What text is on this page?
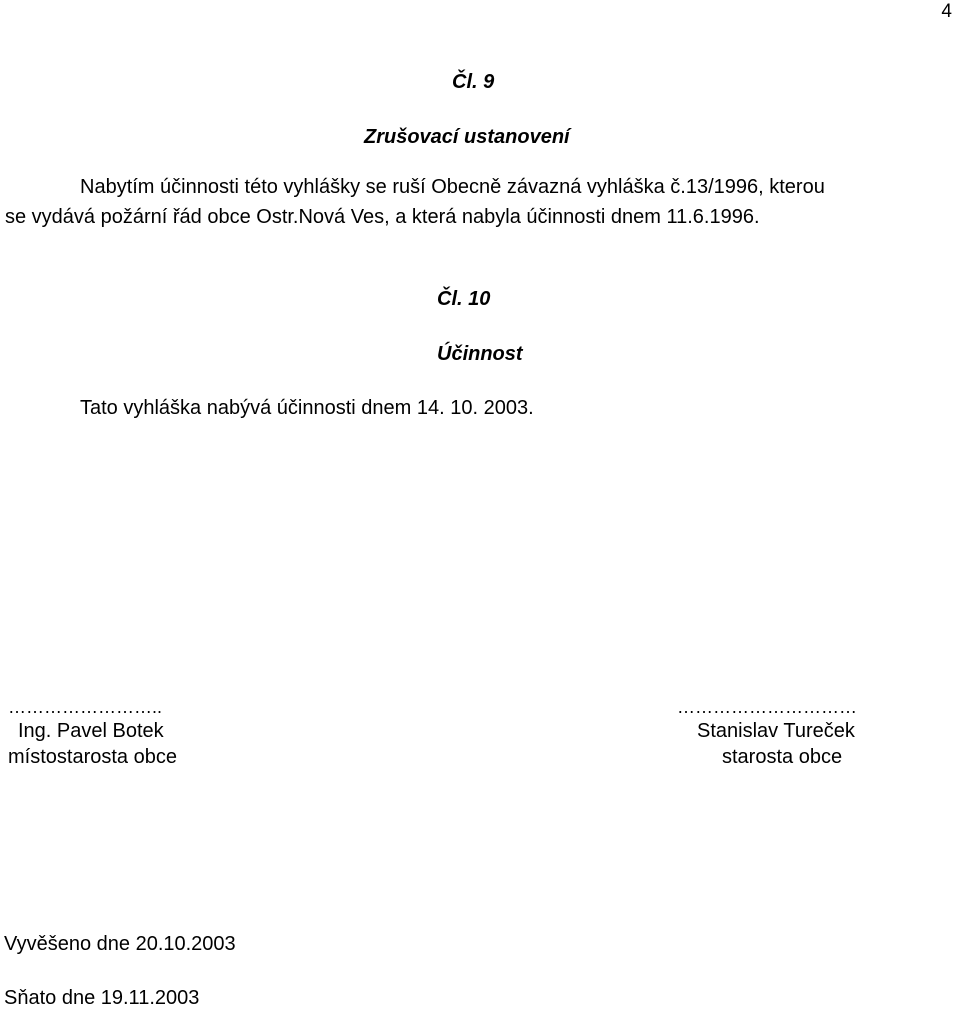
4

Čl. 9

Zrušovací ustanovení

Nabytím účinnosti této vyhlášky se ruší Obecně závazná vyhláška č.13/1996, kterou

se vydává požární řád obce Ostr.Nová Ves, a která nabyla účinnosti dnem 11.6.1996.

Čl. 10

Účinnost

Tato vyhláška nabývá účinnosti dnem 14. 10. 2003.

……………………..

Ing. Pavel Botek

místostarosta obce

…………………………

Stanislav Tureček

starosta obce

Vyvěšeno dne 20.10.2003

Sňato dne 19.11.2003
